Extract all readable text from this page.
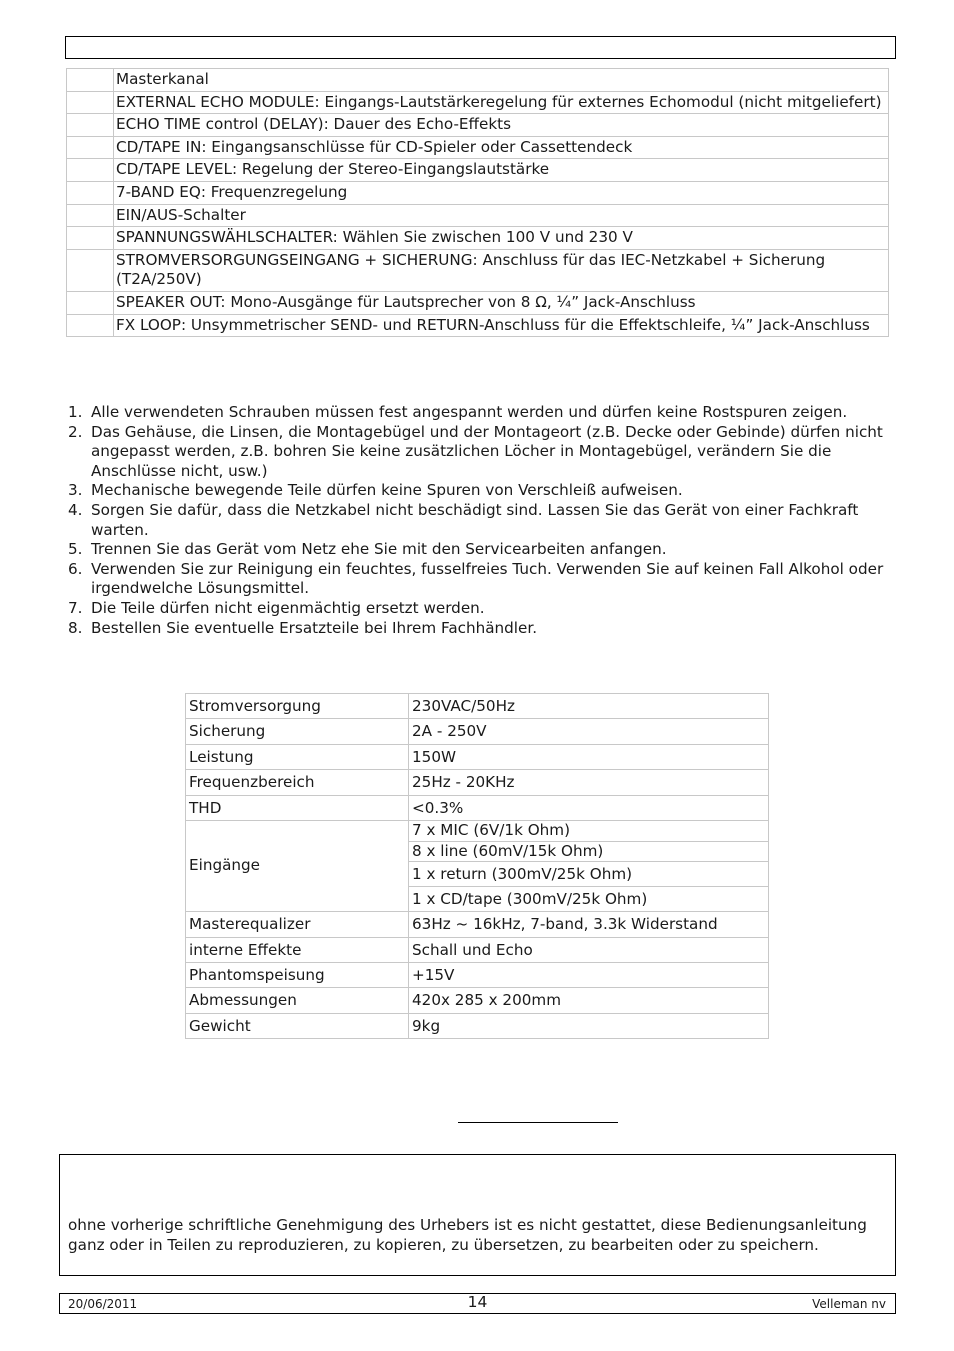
	Masterkanal
	EXTERNAL ECHO MODULE: Eingangs-Lautstärkeregelung für externes Echomodul (nicht mitgeliefert)
	ECHO TIME control (DELAY): Dauer des Echo-Effekts
	CD/TAPE IN: Eingangsanschlüsse für CD-Spieler oder Cassettendeck
	CD/TAPE LEVEL: Regelung der Stereo-Eingangslautstärke
	7-BAND EQ: Frequenzregelung
	EIN/AUS-Schalter
	SPANNUNGSWÄHLSCHALTER: Wählen Sie zwischen 100 V und 230 V
	STROMVERSORGUNGSEINGANG + SICHERUNG: Anschluss für das IEC-Netzkabel + Sicherung (T2A/250V)
	SPEAKER OUT: Mono-Ausgänge für Lautsprecher von 8 Ω, ¼” Jack-Anschluss
	FX LOOP: Unsymmetrischer SEND- und RETURN-Anschluss für die Effektschleife, ¼” Jack-Anschluss
1. Alle verwendeten Schrauben müssen fest angespannt werden und dürfen keine Rostspuren zeigen.
2. Das Gehäuse, die Linsen, die Montagebügel und der Montageort (z.B. Decke oder Gebinde) dürfen nicht angepasst werden, z.B. bohren Sie keine zusätzlichen Löcher in Montagebügel, verändern Sie die Anschlüsse nicht, usw.)
3. Mechanische bewegende Teile dürfen keine Spuren von Verschleiß aufweisen.
4. Sorgen Sie dafür, dass die Netzkabel nicht beschädigt sind. Lassen Sie das Gerät von einer Fachkraft warten.
5. Trennen Sie das Gerät vom Netz ehe Sie mit den Servicearbeiten anfangen.
6. Verwenden Sie zur Reinigung ein feuchtes, fusselfreies Tuch. Verwenden Sie auf keinen Fall Alkohol oder irgendwelche Lösungsmittel.
7. Die Teile dürfen nicht eigenmächtig ersetzt werden.
8. Bestellen Sie eventuelle Ersatzteile bei Ihrem Fachhändler.
Stromversorgung	230VAC/50Hz
Sicherung	2A - 250V
Leistung	150W
Frequenzbereich	25Hz - 20KHz
THD	<0.3%
Eingänge	7 x MIC (6V/1k Ohm)
	8 x line (60mV/15k Ohm)
	1 x return (300mV/25k Ohm)
	1 x CD/tape (300mV/25k Ohm)
Masterequalizer	63Hz ~ 16kHz, 7-band, 3.3k Widerstand
interne Effekte	Schall und Echo
Phantomspeisung	+15V
Abmessungen	420x 285 x 200mm
Gewicht	9kg
ohne vorherige schriftliche Genehmigung des Urhebers ist es nicht gestattet, diese Bedienungsanleitung ganz oder in Teilen zu reproduzieren, zu kopieren, zu übersetzen, zu bearbeiten oder zu speichern.
20/06/2011	14	Velleman nv
